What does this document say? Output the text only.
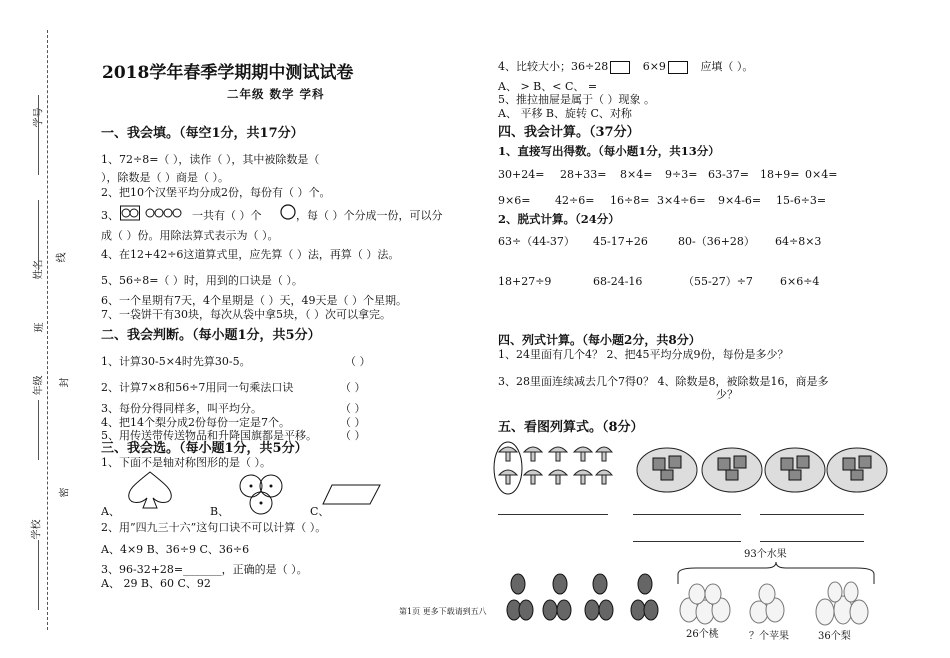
学号
姓名
线
班
年级	封
学校
密
2018学年春季学期期中测试试卷
二年级 数学 学科
一、我会填。（每空1分，共17分）
1、72÷8=（ ），读作（ ），其中被除数是（
），除数是（ ）商是（ ）。
2、把10个汉堡平均分成2份，每份有（ ）个。
3、	一共有（ ）个	，每（ ）个分成一份，可以分
成（ ）份。用除法算式表示为（ ）。
4、在12+42÷6这道算式里，应先算（ ）法，再算（ ）法。
5、56÷8=（ ）时，用到的口诀是（ ）。
6、一个星期有7天，4个星期是（ ）天，49天是（ ）个星期。
7、一袋饼干有30块，每次从袋中拿5块，（ ）次可以拿完。
二、我会判断。（每小题1分，共5分）
1、计算30-5×4时先算30-5。	（ ）
2、计算7×8和56÷7用同一句乘法口诀	（ ）
3、每份分得同样多，叫平均分。	（ ）
4、把14个梨分成2份每份一定是7个。	（ ）
5、用传送带传送物品和升降国旗都是平移。 （ ）
三、我会选。（每小题1分，共5分）
1、下面不是轴对称图形的是（ ）。
A、	B、	C、
2、用”四九三十六”这句口诀不可以计算（ ）。
A、4×9 B、36÷9 C、36÷6
3、96-32+28=_______，正确的是（ ）。
A、 29 B、60 C、92
4、比较大小；36÷28	6×9	应填（ ）。
A、 > B、< C、 =
5、推拉抽屉是属于（ ）现象 。
A、 平移 B、旋转 C、对称
四、我会计算。（37分）
1、直接写出得数。（每小题1分，共13分）
30+24= 28+33= 8×4= 9÷3= 63-37= 18+9= 0×4=
9×6= 42÷6= 16÷8= 3×4÷6= 9×4-6= 15-6÷3=
2、脱式计算。（24分）
63÷（44-37） 45-17+26	80-（36+28） 64÷8×3
18+27÷9	68-24-16	（55-27）÷7 6×6÷4
四、列式计算。（每小题2分，共8分）
1、24里面有几个4？ 2、把45平均分成9份，每份是多少？
3、28里面连续减去几个7得0？ 4、除数是8，被除数是16，商是多
少？
五、看图列算式。（8分）
93个水果
26个桃	？个苹果	36个梨
第1页 更多下载请到五八
